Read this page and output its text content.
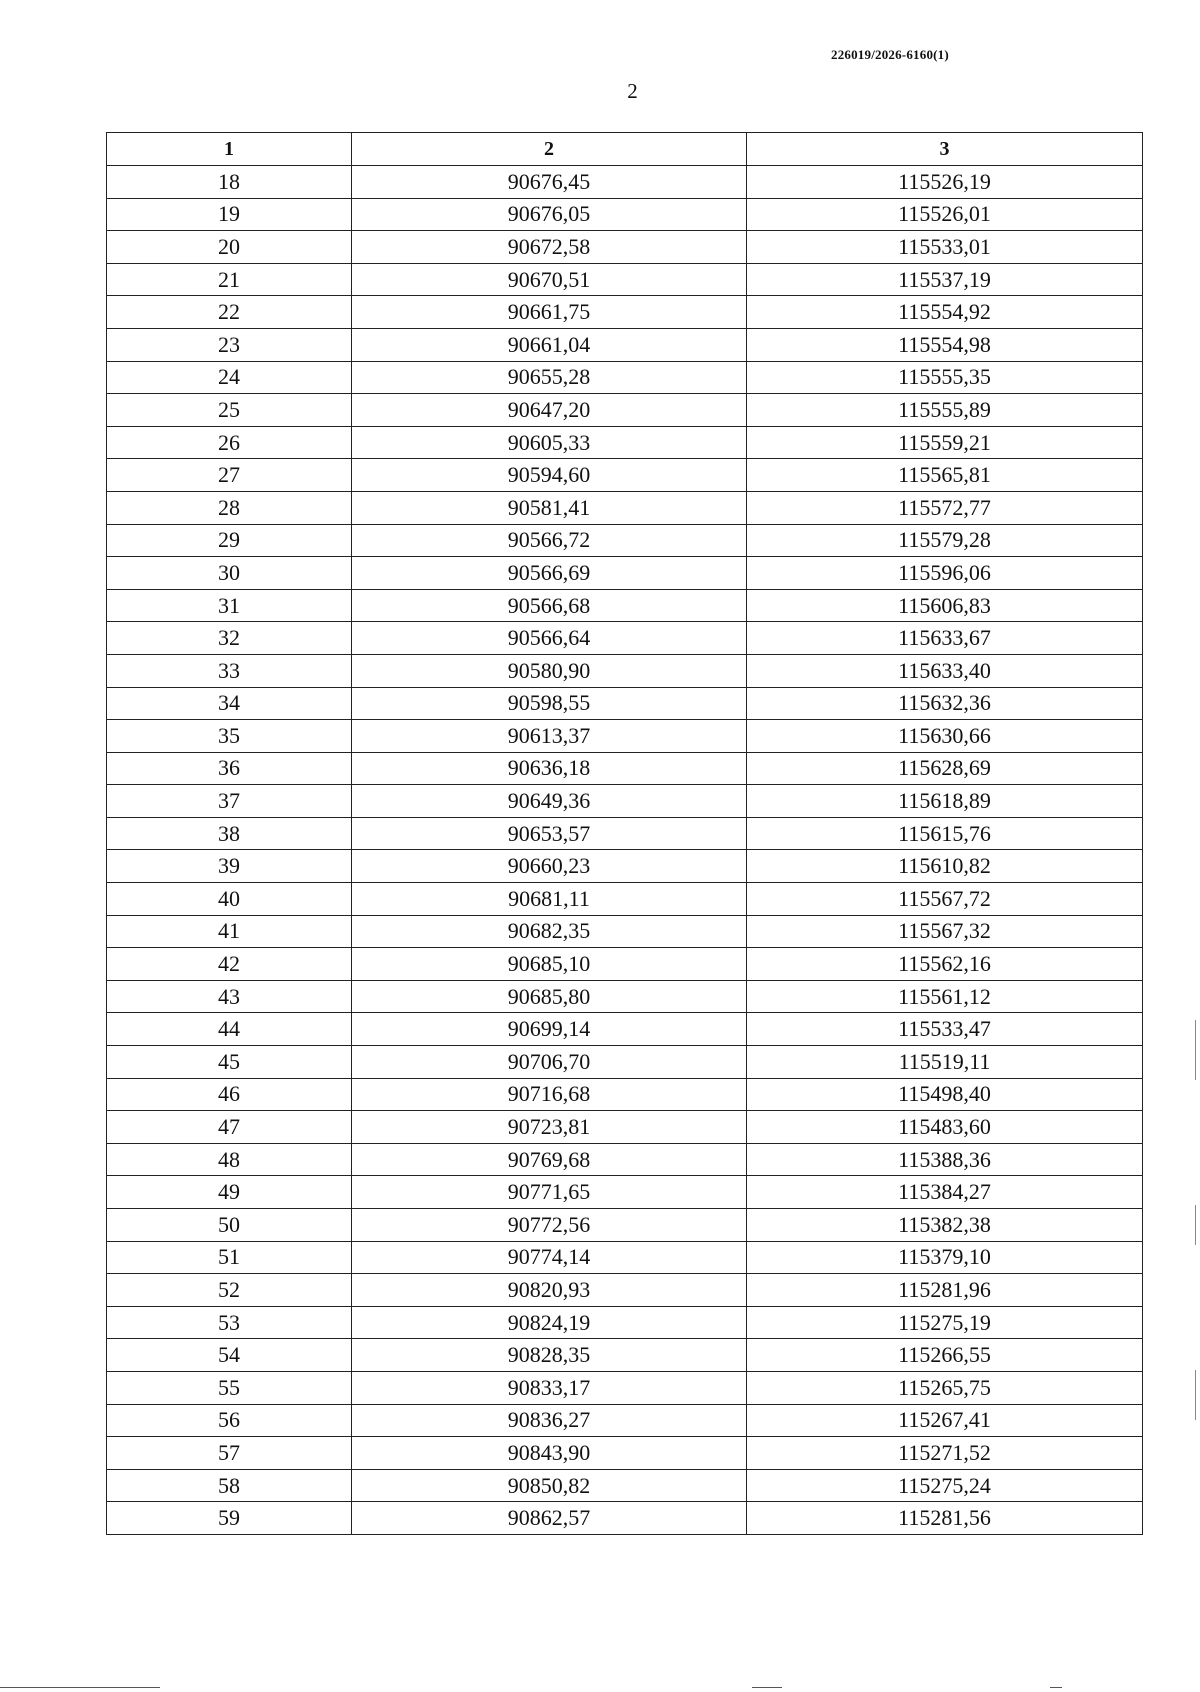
226019/2026-6160(1)
2
1	2	3
18	90676,45	115526,19
19	90676,05	115526,01
20	90672,58	115533,01
21	90670,51	115537,19
22	90661,75	115554,92
23	90661,04	115554,98
24	90655,28	115555,35
25	90647,20	115555,89
26	90605,33	115559,21
27	90594,60	115565,81
28	90581,41	115572,77
29	90566,72	115579,28
30	90566,69	115596,06
31	90566,68	115606,83
32	90566,64	115633,67
33	90580,90	115633,40
34	90598,55	115632,36
35	90613,37	115630,66
36	90636,18	115628,69
37	90649,36	115618,89
38	90653,57	115615,76
39	90660,23	115610,82
40	90681,11	115567,72
41	90682,35	115567,32
42	90685,10	115562,16
43	90685,80	115561,12
44	90699,14	115533,47
45	90706,70	115519,11
46	90716,68	115498,40
47	90723,81	115483,60
48	90769,68	115388,36
49	90771,65	115384,27
50	90772,56	115382,38
51	90774,14	115379,10
52	90820,93	115281,96
53	90824,19	115275,19
54	90828,35	115266,55
55	90833,17	115265,75
56	90836,27	115267,41
57	90843,90	115271,52
58	90850,82	115275,24
59	90862,57	115281,56
